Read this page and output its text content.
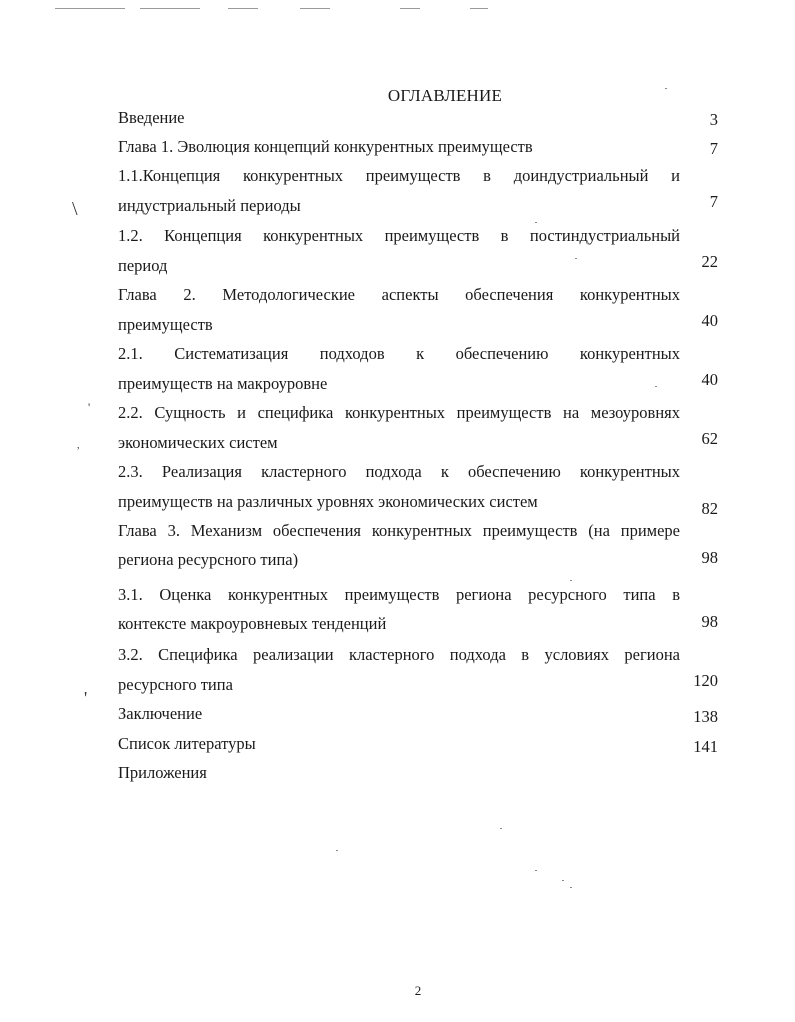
\
'
,
'
ОГЛАВЛЕНИЕ
Введение	3
Глава 1. Эволюция концепций конкурентных преимуществ	7
1.1.Концепция конкурентных преимуществ в доиндустриальный и
индустриальный периоды	7
1.2. Концепция конкурентных преимуществ в постиндустриальный
период	22
Глава 2. Методологические аспекты обеспечения конкурентных
преимуществ	40
2.1. Систематизация подходов к обеспечению конкурентных
преимуществ на макроуровне	40
2.2. Сущность и специфика конкурентных преимуществ на мезоуровнях
экономических систем	62
2.3. Реализация кластерного подхода к обеспечению конкурентных
преимуществ на различных уровнях экономических систем	82
Глава 3. Механизм обеспечения конкурентных преимуществ (на примере
региона ресурсного типа)	98
3.1. Оценка конкурентных преимуществ региона ресурсного типа в
контексте макроуровневых тенденций	98
3.2. Специфика реализации кластерного подхода в условиях региона
ресурсного типа	120
Заключение	138
Список литературы	141
Приложения
2
